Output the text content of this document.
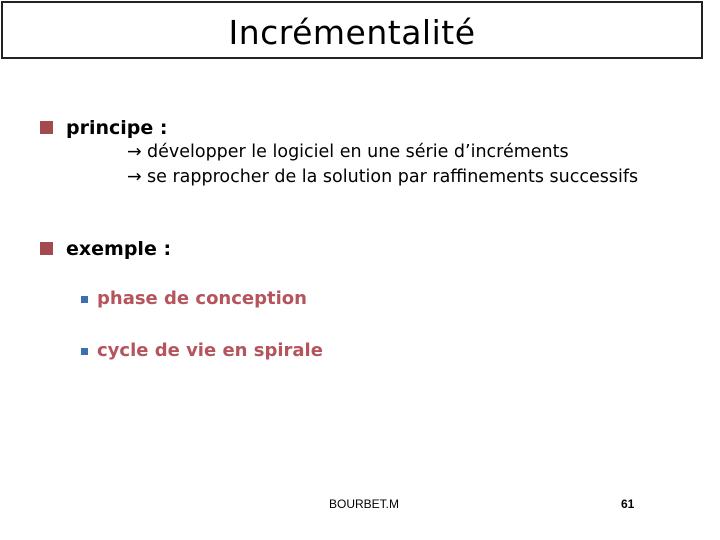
Incrémentalité
principe :
→ développer le logiciel en une série d’incréments
→ se rapprocher de la solution par raffinements successifs
exemple :
phase de conception
cycle de vie en spirale
BOURBET.M	61
